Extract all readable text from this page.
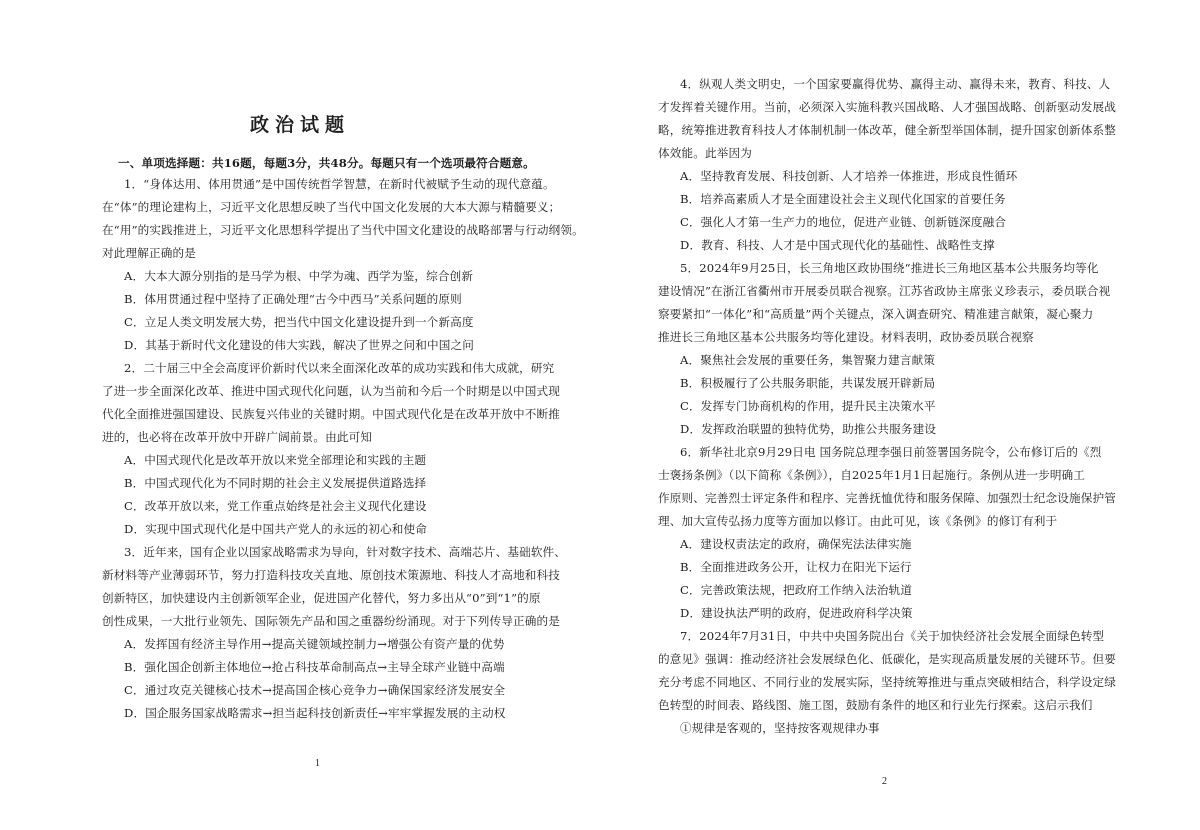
政治试题
一、单项选择题：共16题，每题3分，共48分。每题只有一个选项最符合题意。
1．“身体达用、体用贯通”是中国传统哲学智慧，在新时代被赋予生动的现代意蕴。
在“体”的理论建构上，习近平文化思想反映了当代中国文化发展的大本大源与精髓要义；
在“用”的实践推进上，习近平文化思想科学提出了当代中国文化建设的战略部署与行动纲领。
对此理解正确的是
A．大本大源分别指的是马学为根、中学为魂、西学为鉴，综合创新
B．体用贯通过程中坚持了正确处理“古今中西马”关系问题的原则
C．立足人类文明发展大势，把当代中国文化建设提升到一个新高度
D．其基于新时代文化建设的伟大实践，解决了世界之问和中国之问
2．二十届三中全会高度评价新时代以来全面深化改革的成功实践和伟大成就，研究
了进一步全面深化改革、推进中国式现代化问题，认为当前和今后一个时期是以中国式现
代化全面推进强国建设、民族复兴伟业的关键时期。中国式现代化是在改革开放中不断推
进的，也必将在改革开放中开辟广阔前景。由此可知
A．中国式现代化是改革开放以来党全部理论和实践的主题
B．中国式现代化为不同时期的社会主义发展提供道路选择
C．改革开放以来，党工作重点始终是社会主义现代化建设
D．实现中国式现代化是中国共产党人的永远的初心和使命
3．近年来，国有企业以国家战略需求为导向，针对数字技术、高端芯片、基础软件、
新材料等产业薄弱环节，努力打造科技攻关直地、原创技术策源地、科技人才高地和科技
创新特区，加快建设内主创新领军企业，促进国产化替代，努力多出从“0”到“1”的原
创性成果，一大批行业领先、国际领先产品和国之重器纷纷涌现。对于下列传导正确的是
A．发挥国有经济主导作用→提高关键领域控制力→增强公有资产量的优势
B．强化国企创新主体地位→抢占科技革命制高点→主导全球产业链中高端
C．通过攻克关键核心技术→提高国企核心竞争力→确保国家经济发展安全
D．国企服务国家战略需求→担当起科技创新责任→牢牢掌握发展的主动权
1
4．纵观人类文明史，一个国家要赢得优势、赢得主动、赢得未来，教育、科技、人
才发挥着关键作用。当前，必须深入实施科教兴国战略、人才强国战略、创新驱动发展战
略，统筹推进教育科技人才体制机制一体改革，健全新型举国体制，提升国家创新体系整
体效能。此举因为
A．坚持教育发展、科技创新、人才培养一体推进，形成良性循环
B．培养高素质人才是全面建设社会主义现代化国家的首要任务
C．强化人才第一生产力的地位，促进产业链、创新链深度融合
D．教育、科技、人才是中国式现代化的基础性、战略性支撑
5．2024年9月25日，长三角地区政协围绕“推进长三角地区基本公共服务均等化
建设情况”在浙江省衢州市开展委员联合视察。江苏省政协主席张义珍表示，委员联合视
察要紧扣“一体化”和“高质量”两个关键点，深入调查研究、精准建言献策，凝心聚力
推进长三角地区基本公共服务均等化建设。材料表明，政协委员联合视察
A．聚焦社会发展的重要任务，集智聚力建言献策
B．积极履行了公共服务职能，共谋发展开辟新局
C．发挥专门协商机构的作用，提升民主决策水平
D．发挥政治联盟的独特优势，助推公共服务建设
6．新华社北京9月29日电 国务院总理李强日前签署国务院令，公布修订后的《烈
士褒扬条例》（以下简称《条例》），自2025年1月1日起施行。条例从进一步明确工
作原则、完善烈士评定条件和程序、完善抚恤优待和服务保障、加强烈士纪念设施保护管
理、加大宣传弘扬力度等方面加以修订。由此可见，该《条例》的修订有利于
A．建设权责法定的政府，确保宪法法律实施
B．全面推进政务公开，让权力在阳光下运行
C．完善政策法规，把政府工作纳入法治轨道
D．建设执法严明的政府，促进政府科学决策
7．2024年7月31日，中共中央国务院出台《关于加快经济社会发展全面绿色转型
的意见》强调：推动经济社会发展绿色化、低碳化，是实现高质量发展的关键环节。但要
充分考虑不同地区、不同行业的发展实际，坚持统筹推进与重点突破相结合，科学设定绿
色转型的时间表、路线图、施工图，鼓励有条件的地区和行业先行探索。这启示我们
①规律是客观的，坚持按客观规律办事
2
